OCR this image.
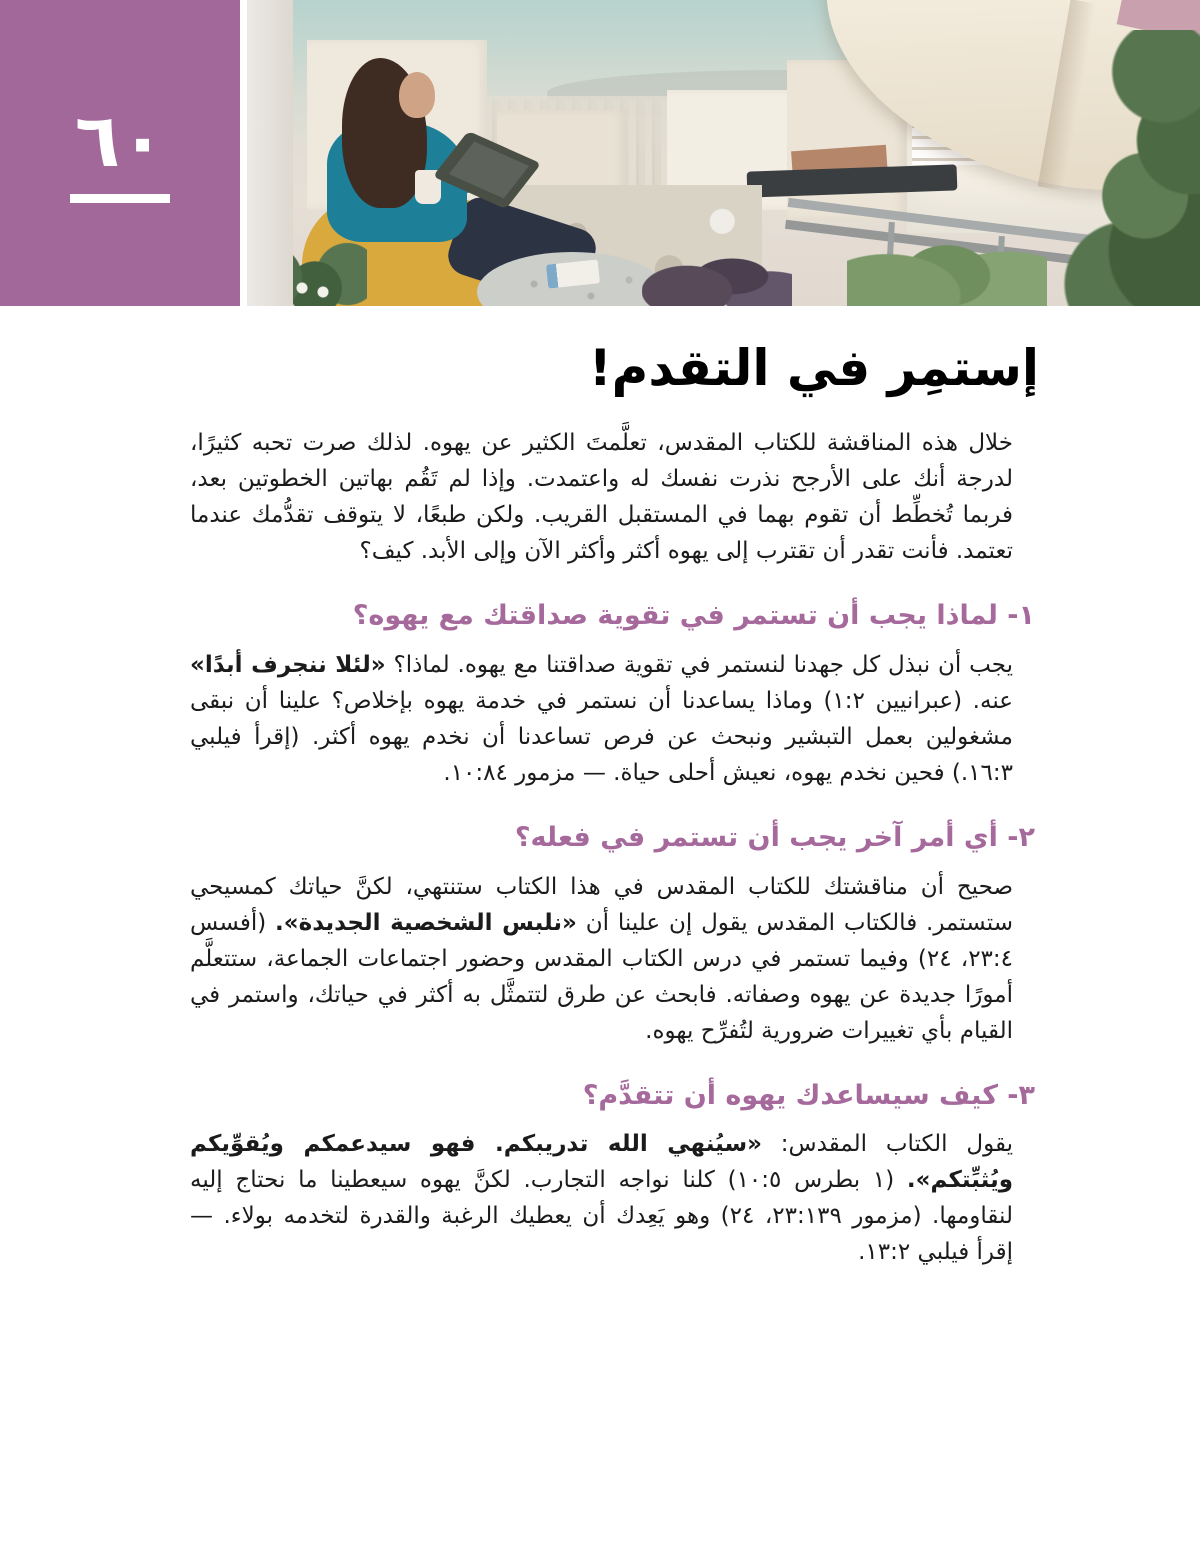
٦٠
إستمِر في التقدم!

خلال هذه المناقشة للكتاب المقدس، تعلَّمتَ الكثير عن يهوه. لذلك صرت تحبه كثيرًا، لدرجة أنك على الأرجح نذرت نفسك له واعتمدت. وإذا لم تَقُم بهاتين الخطوتين بعد، فربما تُخطِّط أن تقوم بهما في المستقبل القريب. ولكن طبعًا، لا يتوقف تقدُّمك عندما تعتمد. فأنت تقدر أن تقترب إلى يهوه أكثر وأكثر الآن وإلى الأبد. كيف؟

١- لماذا يجب أن تستمر في تقوية صداقتك مع يهوه؟

يجب أن نبذل كل جهدنا لنستمر في تقوية صداقتنا مع يهوه. لماذا؟ «لئلا ننجرف أبدًا» عنه. (عبرانيين ٢:‏١) وماذا يساعدنا أن نستمر في خدمة يهوه بإخلاص؟ علينا أن نبقى مشغولين بعمل التبشير ونبحث عن فرص تساعدنا أن نخدم يهوه أكثر. (إقرأ فيلبي ٣:‏١٦.) فحين نخدم يهوه، نعيش أحلى حياة. — مزمور ٨٤:‏١٠.

٢- أي أمر آخر يجب أن تستمر في فعله؟

صحيح أن مناقشتك للكتاب المقدس في هذا الكتاب ستنتهي، لكنَّ حياتك كمسيحي ستستمر. فالكتاب المقدس يقول إن علينا أن «نلبس الشخصية الجديدة». (أفسس ٤:‏٢٣، ٢٤) وفيما تستمر في درس الكتاب المقدس وحضور اجتماعات الجماعة، ستتعلَّم أمورًا جديدة عن يهوه وصفاته. فابحث عن طرق لتتمثَّل به أكثر في حياتك، واستمر في القيام بأي تغييرات ضرورية لتُفرِّح يهوه.

٣- كيف سيساعدك يهوه أن تتقدَّم؟

يقول الكتاب المقدس: «سيُنهي الله تدريبكم. فهو سيدعمكم ويُقوِّيكم ويُثبِّتكم». (١ بطرس ٥:‏١٠) كلنا نواجه التجارب. لكنَّ يهوه سيعطينا ما نحتاج إليه لنقاومها. (مزمور ١٣٩:‏٢٣، ٢٤) وهو يَعِدك أن يعطيك الرغبة والقدرة لتخدمه بولاء. — إقرأ فيلبي ٢:‏١٣.
